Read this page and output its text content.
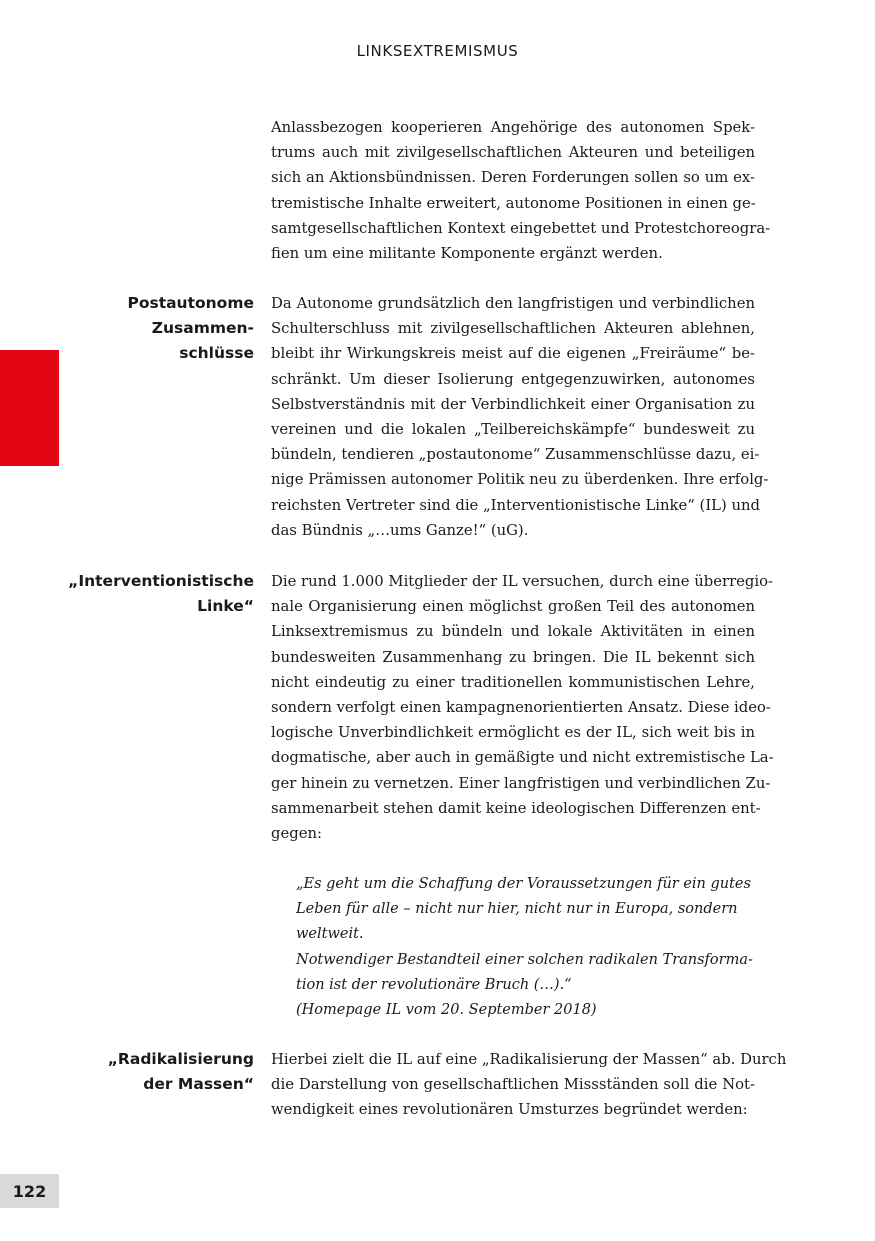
LINKSEXTREMISMUS
122
Anlassbezogen kooperieren Angehörige des autonomen Spek-
trums auch mit zivilgesellschaftlichen Akteuren und beteiligen
sich an Aktionsbündnissen. Deren Forderungen sollen so um ex-
tremistische Inhalte erweitert, autonome Positionen in einen ge-
samtgesellschaftlichen Kontext eingebettet und Protestchoreogra-
fien um eine militante Komponente ergänzt werden.
Postautonome
Zusammen-
schlüsse
Da Autonome grundsätzlich den langfristigen und verbindlichen
Schulterschluss mit zivilgesellschaftlichen Akteuren ablehnen,
bleibt ihr Wirkungskreis meist auf die eigenen „Freiräume“ be-
schränkt. Um dieser Isolierung entgegenzuwirken, autonomes
Selbstverständnis mit der Verbindlichkeit einer Organisation zu
vereinen und die lokalen „Teilbereichskämpfe“ bundesweit zu
bündeln, tendieren „postautonome“ Zusammenschlüsse dazu, ei-
nige Prämissen autonomer Politik neu zu überdenken. Ihre erfolg-
reichsten Vertreter sind die „Interventionistische Linke“ (IL) und
das Bündnis „…ums Ganze!“ (uG).
„Interventionistische
Linke“
Die rund 1.000 Mitglieder der IL versuchen, durch eine überregio-
nale Organisierung einen möglichst großen Teil des autonomen
Linksextremismus zu bündeln und lokale Aktivitäten in einen
bundesweiten Zusammenhang zu bringen. Die IL bekennt sich
nicht eindeutig zu einer traditionellen kommunistischen Lehre,
sondern verfolgt einen kampagnenorientierten Ansatz. Diese ideo-
logische Unverbindlichkeit ermöglicht es der IL, sich weit bis in
dogmatische, aber auch in gemäßigte und nicht extremistische La-
ger hinein zu vernetzen. Einer langfristigen und verbindlichen Zu-
sammenarbeit stehen damit keine ideologischen Differenzen ent-
gegen:
„Es geht um die Schaffung der Voraussetzungen für ein gutes
Leben für alle – nicht nur hier, nicht nur in Europa, sondern
weltweit.
Notwendiger Bestandteil einer solchen radikalen Transforma-
tion ist der revolutionäre Bruch (…).“
(Homepage IL vom 20. September 2018)
„Radikalisierung
der Massen“
Hierbei zielt die IL auf eine „Radikalisierung der Massen“ ab. Durch
die Darstellung von gesellschaftlichen Missständen soll die Not-
wendigkeit eines revolutionären Umsturzes begründet werden:
